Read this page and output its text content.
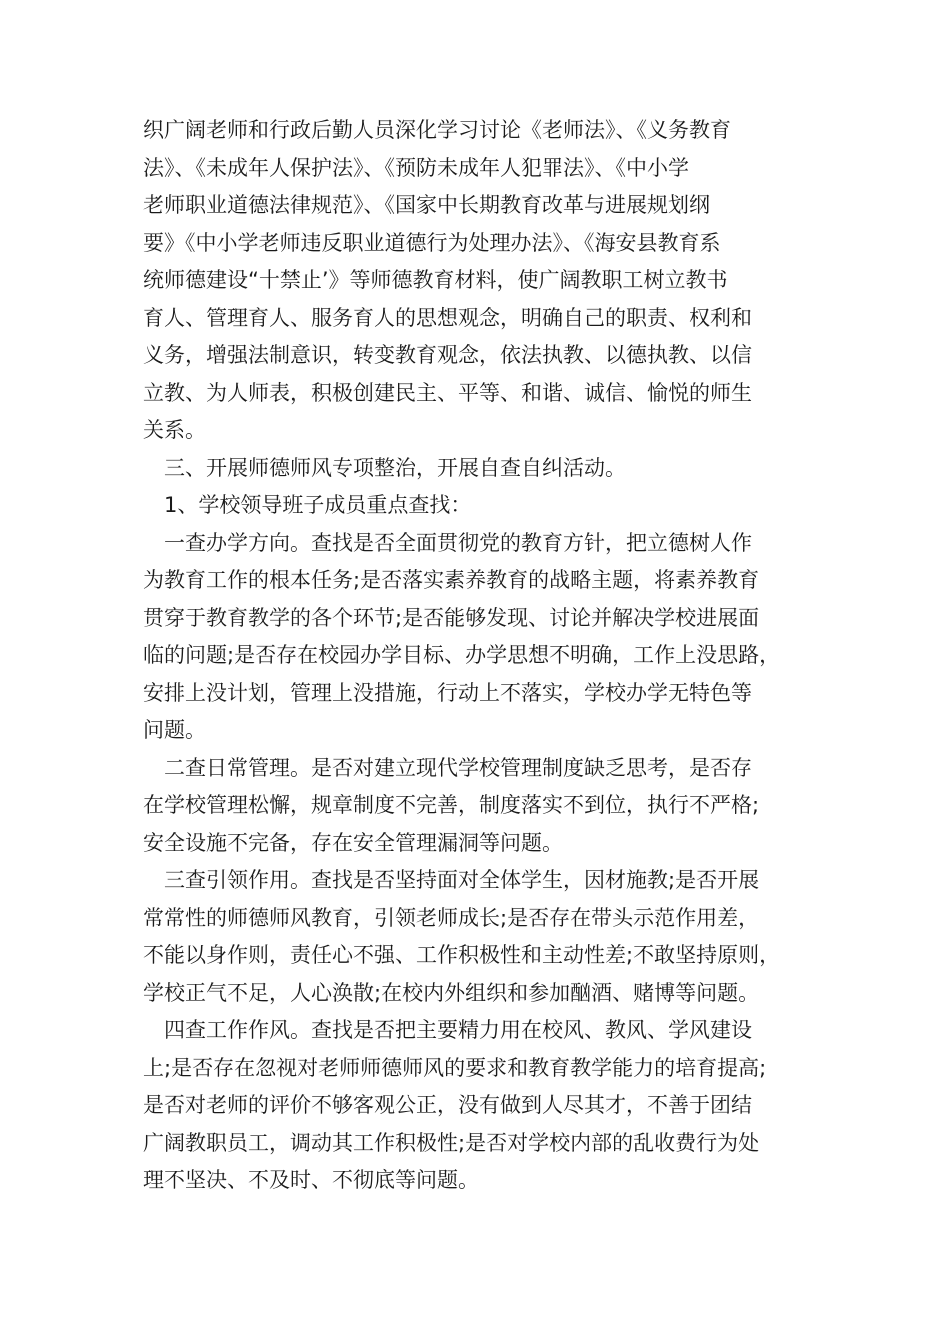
织广阔老师和行政后勤人员深化学习讨论《老师法》、《义务教育
法》、《未成年人保护法》、《预防未成年人犯罪法》、《中小学
老师职业道德法律规范》、《国家中长期教育改革与进展规划纲
要》《中小学老师违反职业道德行为处理办法》、《海安县教育系
统师德建设“十禁止’》等师德教育材料，使广阔教职工树立教书
育人、管理育人、服务育人的思想观念，明确自己的职责、权利和
义务，增强法制意识，转变教育观念，依法执教、以德执教、以信
立教、为人师表，积极创建民主、平等、和谐、诚信、愉悦的师生
关系。
三、开展师德师风专项整治，开展自查自纠活动。
1、学校领导班子成员重点查找：
一查办学方向。查找是否全面贯彻党的教育方针，把立德树人作
为教育工作的根本任务;是否落实素养教育的战略主题，将素养教育
贯穿于教育教学的各个环节;是否能够发现、讨论并解决学校进展面
临的问题;是否存在校园办学目标、办学思想不明确，工作上没思路，
安排上没计划，管理上没措施，行动上不落实，学校办学无特色等
问题。
二查日常管理。是否对建立现代学校管理制度缺乏思考，是否存
在学校管理松懈，规章制度不完善，制度落实不到位，执行不严格;
安全设施不完备，存在安全管理漏洞等问题。
三查引领作用。查找是否坚持面对全体学生，因材施教;是否开展
常常性的师德师风教育，引领老师成长;是否存在带头示范作用差，
不能以身作则，责任心不强、工作积极性和主动性差;不敢坚持原则，
学校正气不足，人心涣散;在校内外组织和参加酗酒、赌博等问题。
四查工作作风。查找是否把主要精力用在校风、教风、学风建设
上;是否存在忽视对老师师德师风的要求和教育教学能力的培育提高;
是否对老师的评价不够客观公正，没有做到人尽其才，不善于团结
广阔教职员工，调动其工作积极性;是否对学校内部的乱收费行为处
理不坚决、不及时、不彻底等问题。
